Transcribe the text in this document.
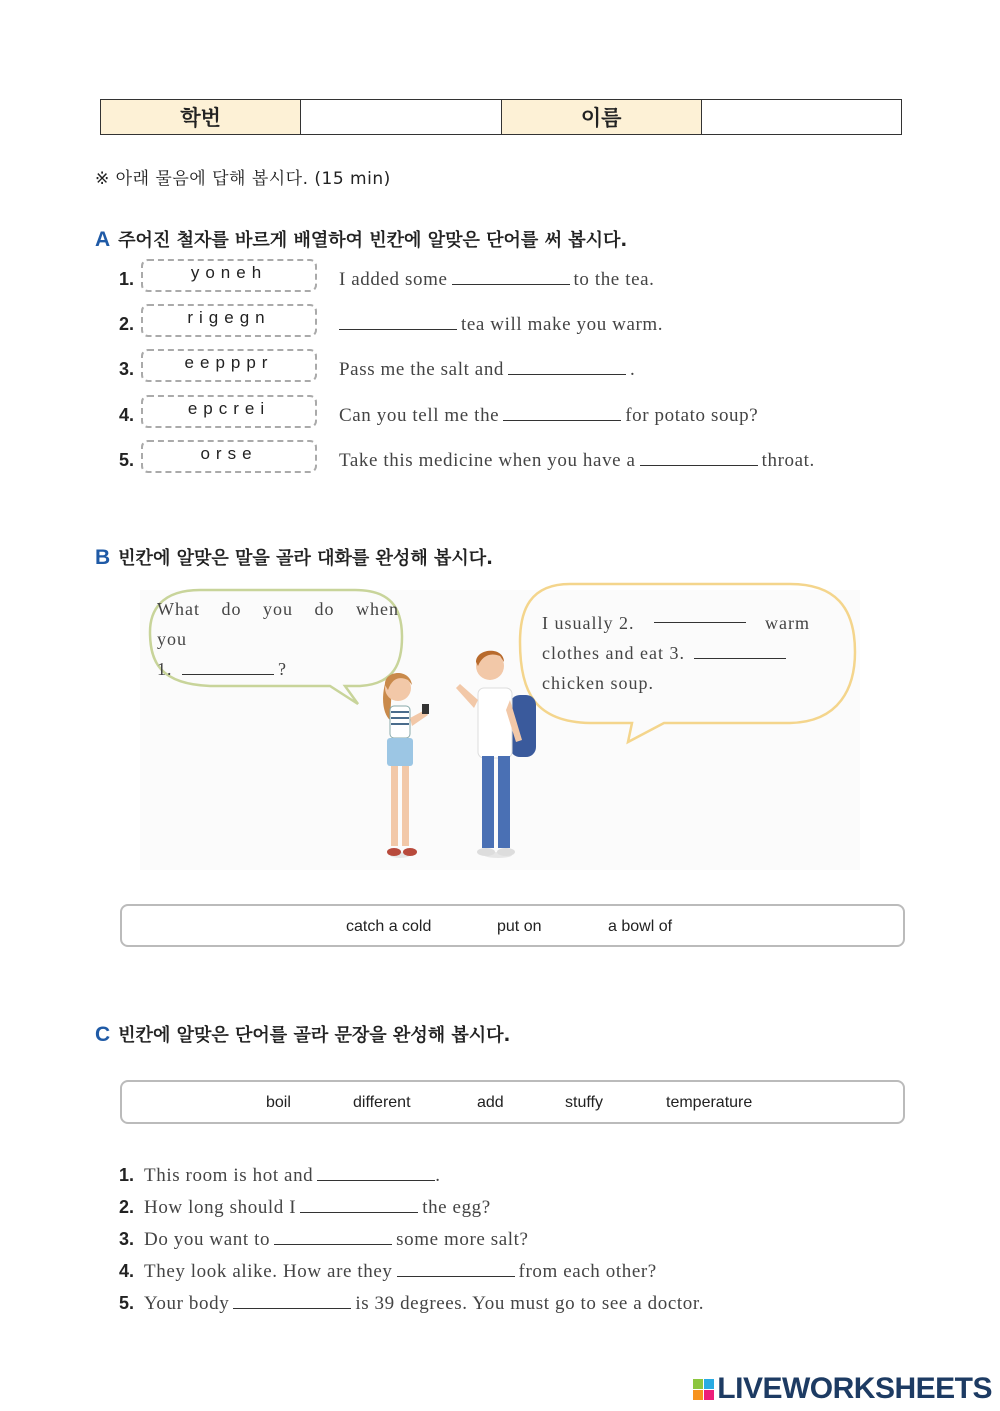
학번	이름
※ 아래 물음에 답해 봅시다. (15 min)
A 주어진 철자를 바르게 배열하여 빈칸에 알맞은 단어를 써 봅시다.
1.	yoneh	I added some	to the tea.
2.	rigegn	tea will make you warm.
3.	eepppr	Pass me the salt and	.
4.	epcrei	Can you tell me the	for potato soup?
5.	orse	Take this medicine when you have a	throat.
B 빈칸에 알맞은 말을 골라 대화를 완성해 봅시다.
What do you do when
you
1.	?
I usually 2.	warm
clothes and eat 3.
chicken soup.
catch a cold	put on	a bowl of
C 빈칸에 알맞은 단어를 골라 문장을 완성해 봅시다.
boil	different	add	stuffy	temperature
1. This room is hot and	.
2. How long should I	the egg?
3. Do you want to	some more salt?
4. They look alike. How are they	from each other?
5. Your body	is 39 degrees. You must go to see a doctor.
LIVEWORKSHEETS
